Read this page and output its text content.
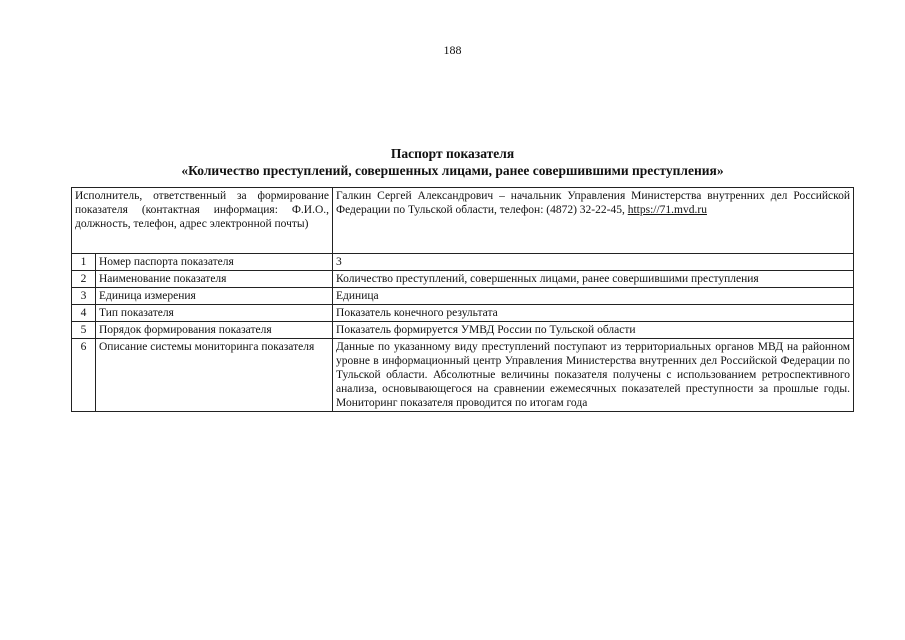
188
Паспорт показателя
«Количество преступлений, совершенных лицами, ранее совершившими преступления»
Исполнитель, ответственный за формирование показателя (контактная информация: Ф.И.О., должность, телефон, адрес электронной почты)		Галкин Сергей Александрович – начальник Управления Министерства внутренних дел Российской Федерации по Тульской области, телефон: (4872) 32-22-45, https://71.mvd.ru
1	Номер паспорта показателя	3
2	Наименование показателя	Количество преступлений, совершенных лицами, ранее совершившими преступления
3	Единица измерения	Единица
4	Тип показателя	Показатель конечного результата
5	Порядок формирования показателя	Показатель формируется УМВД России по Тульской области
6	Описание системы мониторинга показателя	Данные по указанному виду преступлений поступают из территориальных органов МВД на районном уровне в информационный центр Управления Министерства внутренних дел Российской Федерации по Тульской области. Абсолютные величины показателя получены с использованием ретроспективного анализа, основывающегося на сравнении ежемесячных показателей преступности за прошлые годы. Мониторинг показателя проводится по итогам года
